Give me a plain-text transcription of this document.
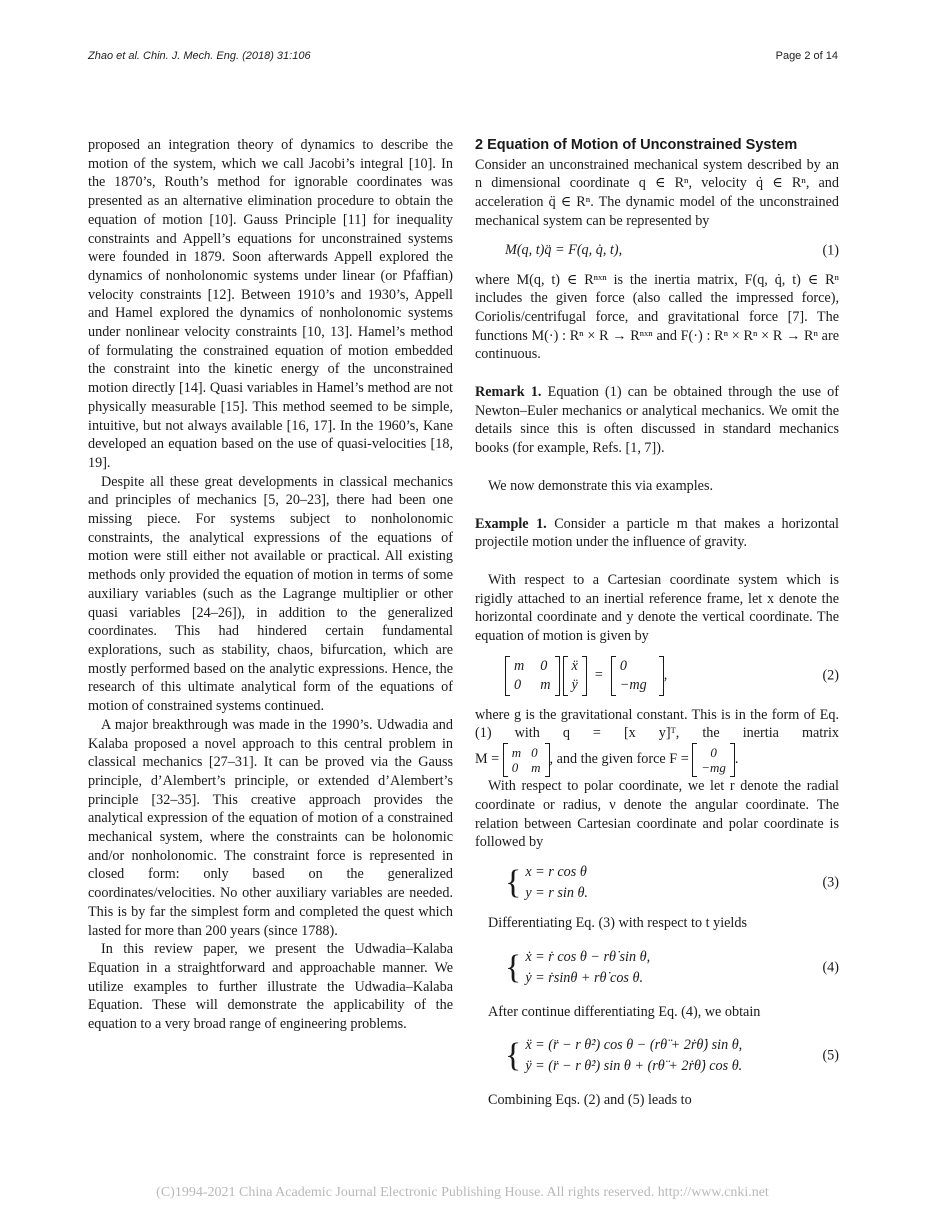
Zhao et al. Chin. J. Mech. Eng. (2018) 31:106	Page 2 of 14

proposed an integration theory of dynamics to describe the motion of the system, which we call Jacobi’s integral [10]. In the 1870’s, Routh’s method for ignorable coordinates was presented as an alternative elimination procedure to obtain the equation of motion [10]. Gauss Principle [11] for inequality constraints and Appell’s equations for unconstrained systems were founded in 1879. Soon afterwards Appell explored the dynamics of nonholonomic systems under linear (or Pfaffian) velocity constraints [12]. Between 1910’s and 1930’s, Appell and Hamel explored the dynamics of nonholonomic systems under nonlinear velocity constraints [10, 13]. Hamel’s method of formulating the constrained equation of motion embedded the constraint into the kinetic energy of the unconstrained motion directly [14]. Quasi variables in Hamel’s method are not physically measurable [15]. This method seemed to be simple, intuitive, but not always available [16, 17]. In the 1960’s, Kane developed an equation based on the use of quasi-velocities [18, 19].

Despite all these great developments in classical mechanics and principles of mechanics [5, 20–23], there had been one missing piece. For systems subject to nonholonomic constraints, the analytical expressions of the equations of motion were still either not available or practical. All existing methods only provided the equation of motion in terms of some auxiliary variables (such as the Lagrange multiplier or other quasi variables [24–26]), in addition to the generalized coordinates. This had hindered certain fundamental explorations, such as stability, chaos, bifurcation, which are mostly performed based on the analytic expressions. Hence, the research of this ultimate analytical form of the equations of motion of constrained systems continued.

A major breakthrough was made in the 1990’s. Udwadia and Kalaba proposed a novel approach to this central problem in classical mechanics [27–31]. It can be proved via the Gauss principle, d’Alembert’s principle, or extended d’Alembert’s principle [32–35]. This creative approach provides the analytical expression of the equation of motion of a constrained mechanical system, where the constraints can be holonomic and/or nonholonomic. The constraint force is represented in closed form: only based on the generalized coordinates/velocities. No other auxiliary variables are needed. This is by far the simplest form and completed the quest which lasted for more than 200 years (since 1788).

In this review paper, we present the Udwadia–Kalaba Equation in a straightforward and approachable manner. We utilize examples to further illustrate the Udwadia–Kalaba Equation. These will demonstrate the applicability of the equation to a very broad range of engineering problems.

2 Equation of Motion of Unconstrained System

Consider an unconstrained mechanical system described by an n dimensional coordinate q ∈ Rⁿ, velocity q̇ ∈ Rⁿ, and acceleration q̈ ∈ Rⁿ. The dynamic model of the unconstrained mechanical system can be represented by

M(q, t)q̈ = F(q, q̇, t),	(1)

where M(q, t) ∈ Rⁿˣⁿ is the inertia matrix, F(q, q̇, t) ∈ Rⁿ includes the given force (also called the impressed force), Coriolis/centrifugal force, and gravitational force [7]. The functions M(·) : Rⁿ × R → Rⁿˣⁿ and F(·) : Rⁿ × Rⁿ × R → Rⁿ are continuous.

Remark 1. Equation (1) can be obtained through the use of Newton–Euler mechanics or analytical mechanics. We omit the details since this is often discussed in standard mechanics books (for example, Refs. [1, 7]).

We now demonstrate this via examples.

Example 1. Consider a particle m that makes a horizontal projectile motion under the influence of gravity.

With respect to a Cartesian coordinate system which is rigidly attached to an inertial reference frame, let x denote the horizontal coordinate and y denote the vertical coordinate. The equation of motion is given by

m 0
0 m
ẍ
ÿ
=
0
−mg
,	(2)

where g is the gravitational constant. This is in the form of Eq. (1) with q = [x y]ᵀ, the inertia matrix M = m 0
0 m
, and the given force F =	0
−mg
.

With respect to polar coordinate, we let r denote the radial coordinate or radius, ν denote the angular coordinate. The relation between Cartesian coordinate and polar coordinate is followed by

{ x = r cos θ
y = r sin θ.
(3)

Differentiating Eq. (3) with respect to t yields

{ ẋ = ṙ cos θ − rθ̇ sin θ,
ẏ = ṙsinθ + rθ̇ cos θ.
(4)

After continue differentiating Eq. (4), we obtain

{ ẍ = (r̈ − r θ̇²) cos θ − (rθ̈ + 2ṙθ̇) sin θ,
ÿ = (r̈ − r θ̇²) sin θ + (rθ̈ + 2ṙθ̇) cos θ.
(5)

Combining Eqs. (2) and (5) leads to

(C)1994-2021 China Academic Journal Electronic Publishing House. All rights reserved. http://www.cnki.net
